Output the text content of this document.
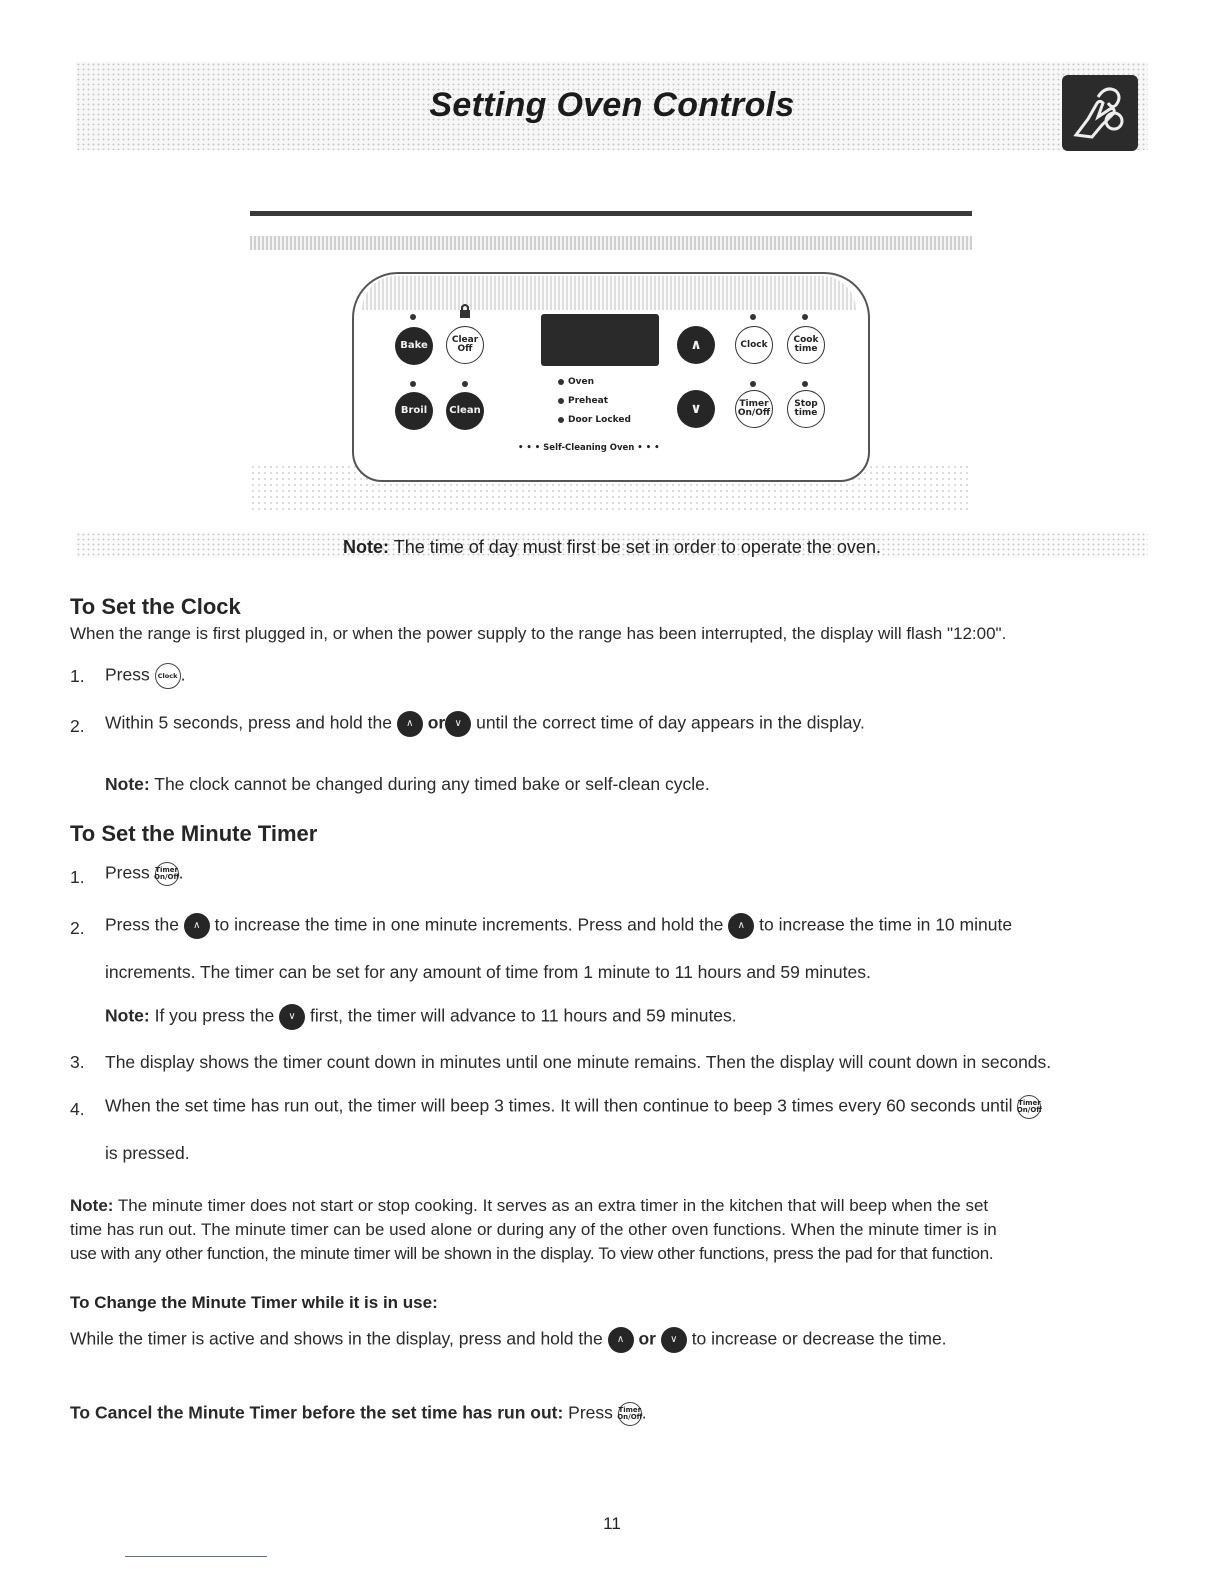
Setting Oven Controls
Bake	Clear
Off
Broil	Clean
Oven
Preheat
Door Locked
• • • Self-Cleaning Oven • • •
∧
∨
Clock	Cook
time
Timer
On/Off
Stop
time
Note: The time of day must first be set in order to operate the oven.
To Set the Clock
When the range is first plugged in, or when the power supply to the range has been interrupted, the display will flash "12:00".
1. Press Clock .
2. Within 5 seconds, press and hold the ∧ or ∨ until the correct time of day appears in the display.
Note: The clock cannot be changed during any timed bake or self-clean cycle.
To Set the Minute Timer
1. Press Timer
On/Off.
2. Press the ∧ to increase the time in one minute increments. Press and hold the ∧ to increase the time in 10 minute
increments. The timer can be set for any amount of time from 1 minute to 11 hours and 59 minutes.
Note: If you press the ∨ first, the timer will advance to 11 hours and 59 minutes.
3. The display shows the timer count down in minutes until one minute remains. Then the display will count down in seconds.
4. When the set time has run out, the timer will beep 3 times. It will then continue to beep 3 times every 60 seconds until Timer
On/Off
is pressed.
Note: The minute timer does not start or stop cooking. It serves as an extra timer in the kitchen that will beep when the set
time has run out. The minute timer can be used alone or during any of the other oven functions. When the minute timer is in
use with any other function, the minute timer will be shown in the display. To view other functions, press the pad for that function.
To Change the Minute Timer while it is in use:
While the timer is active and shows in the display, press and hold the ∧ or ∨ to increase or decrease the time.
To Cancel the Minute Timer before the set time has run out: Press Timer
On/Off.
11
